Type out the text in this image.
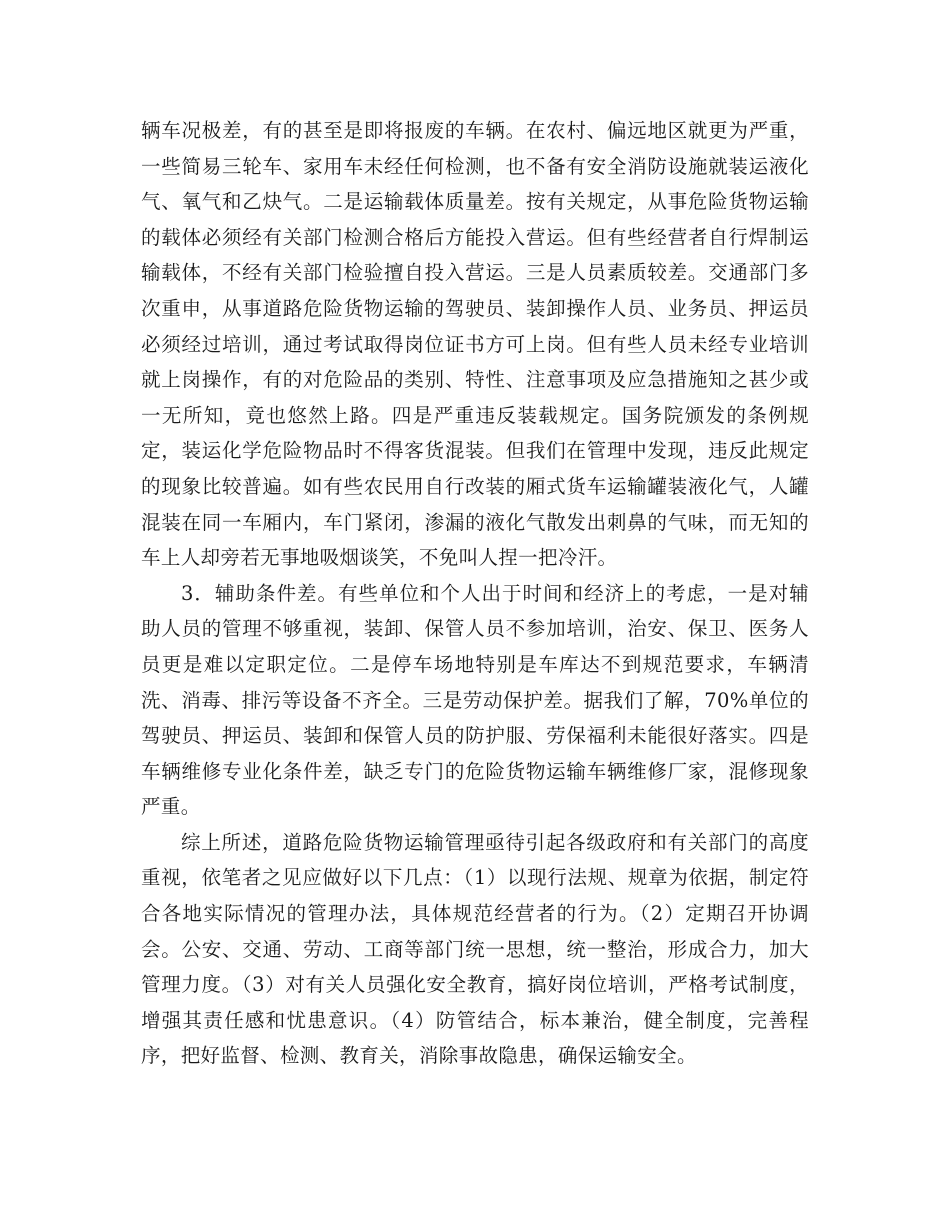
辆车况极差，有的甚至是即将报废的车辆。在农村、偏远地区就更为严重，一些简易三轮车、家用车未经任何检测，也不备有安全消防设施就装运液化气、氧气和乙炔气。二是运输载体质量差。按有关规定，从事危险货物运输的载体必须经有关部门检测合格后方能投入营运。但有些经营者自行焊制运输载体，不经有关部门检验擅自投入营运。三是人员素质较差。交通部门多次重申，从事道路危险货物运输的驾驶员、装卸操作人员、业务员、押运员必须经过培训，通过考试取得岗位证书方可上岗。但有些人员未经专业培训就上岗操作，有的对危险品的类别、特性、注意事项及应急措施知之甚少或一无所知，竟也悠然上路。四是严重违反装载规定。国务院颁发的条例规定，装运化学危险物品时不得客货混装。但我们在管理中发现，违反此规定的现象比较普遍。如有些农民用自行改装的厢式货车运输罐装液化气，人罐混装在同一车厢内，车门紧闭，渗漏的液化气散发出刺鼻的气味，而无知的车上人却旁若无事地吸烟谈笑，不免叫人捏一把冷汗。

3．辅助条件差。有些单位和个人出于时间和经济上的考虑，一是对辅助人员的管理不够重视，装卸、保管人员不参加培训，治安、保卫、医务人员更是难以定职定位。二是停车场地特别是车库达不到规范要求，车辆清洗、消毒、排污等设备不齐全。三是劳动保护差。据我们了解，70%单位的驾驶员、押运员、装卸和保管人员的防护服、劳保福利未能很好落实。四是车辆维修专业化条件差，缺乏专门的危险货物运输车辆维修厂家，混修现象严重。

综上所述，道路危险货物运输管理亟待引起各级政府和有关部门的高度重视，依笔者之见应做好以下几点：（1）以现行法规、规章为依据，制定符合各地实际情况的管理办法，具体规范经营者的行为。（2）定期召开协调会。公安、交通、劳动、工商等部门统一思想，统一整治，形成合力，加大管理力度。（3）对有关人员强化安全教育，搞好岗位培训，严格考试制度，增强其责任感和忧患意识。（4）防管结合，标本兼治，健全制度，完善程序，把好监督、检测、教育关，消除事故隐患，确保运输安全。
